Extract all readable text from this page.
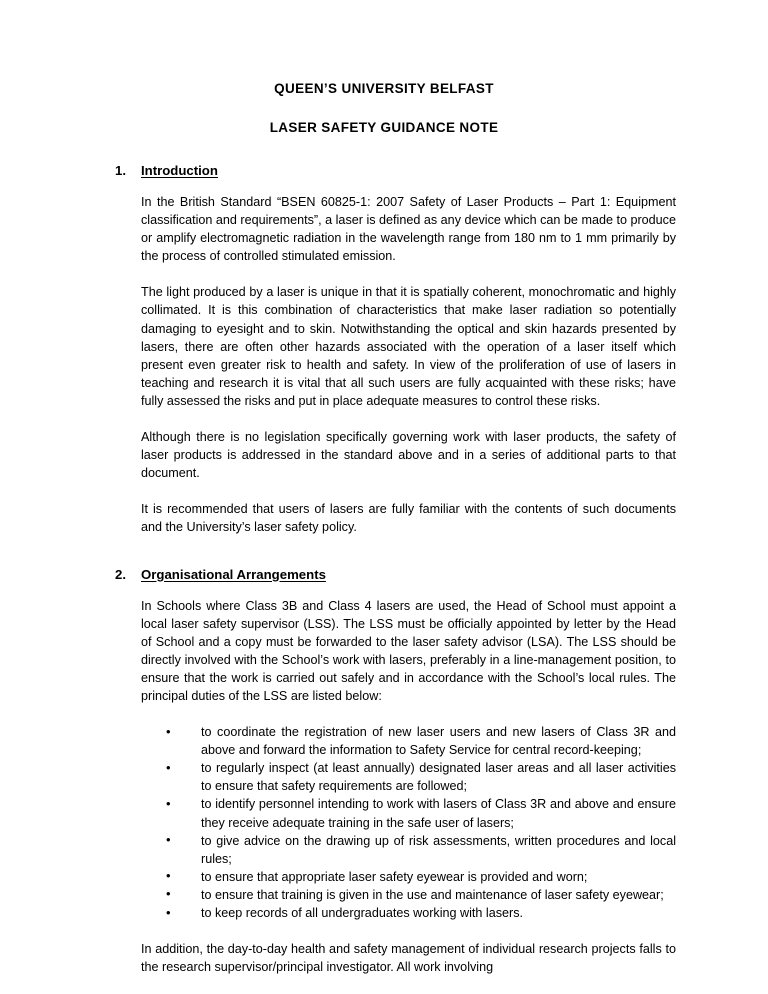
QUEEN’S UNIVERSITY BELFAST
LASER SAFETY GUIDANCE NOTE
1.	Introduction

In the British Standard “BSEN 60825-1: 2007 Safety of Laser Products – Part 1: Equipment classification and requirements”, a laser is defined as any device which can be made to produce or amplify electromagnetic radiation in the wavelength range from 180 nm to 1 mm primarily by the process of controlled stimulated emission.

The light produced by a laser is unique in that it is spatially coherent, monochromatic and highly collimated. It is this combination of characteristics that make laser radiation so potentially damaging to eyesight and to skin. Notwithstanding the optical and skin hazards presented by lasers, there are often other hazards associated with the operation of a laser itself which present even greater risk to health and safety. In view of the proliferation of use of lasers in teaching and research it is vital that all such users are fully acquainted with these risks; have fully assessed the risks and put in place adequate measures to control these risks.

Although there is no legislation specifically governing work with laser products, the safety of laser products is addressed in the standard above and in a series of additional parts to that document.

It is recommended that users of lasers are fully familiar with the contents of such documents and the University’s laser safety policy.

2.	Organisational Arrangements

In Schools where Class 3B and Class 4 lasers are used, the Head of School must appoint a local laser safety supervisor (LSS). The LSS must be officially appointed by letter by the Head of School and a copy must be forwarded to the laser safety advisor (LSA). The LSS should be directly involved with the School’s work with lasers, preferably in a line-management position, to ensure that the work is carried out safely and in accordance with the School’s local rules. The principal duties of the LSS are listed below:

• to coordinate the registration of new laser users and new lasers of Class 3R and above and forward the information to Safety Service for central record-keeping;
• to regularly inspect (at least annually) designated laser areas and all laser activities to ensure that safety requirements are followed;
• to identify personnel intending to work with lasers of Class 3R and above and ensure they receive adequate training in the safe user of lasers;
• to give advice on the drawing up of risk assessments, written procedures and local rules;
• to ensure that appropriate laser safety eyewear is provided and worn;
• to ensure that training is given in the use and maintenance of laser safety eyewear;
• to keep records of all undergraduates working with lasers.

In addition, the day-to-day health and safety management of individual research projects falls to the research supervisor/principal investigator. All work involving
